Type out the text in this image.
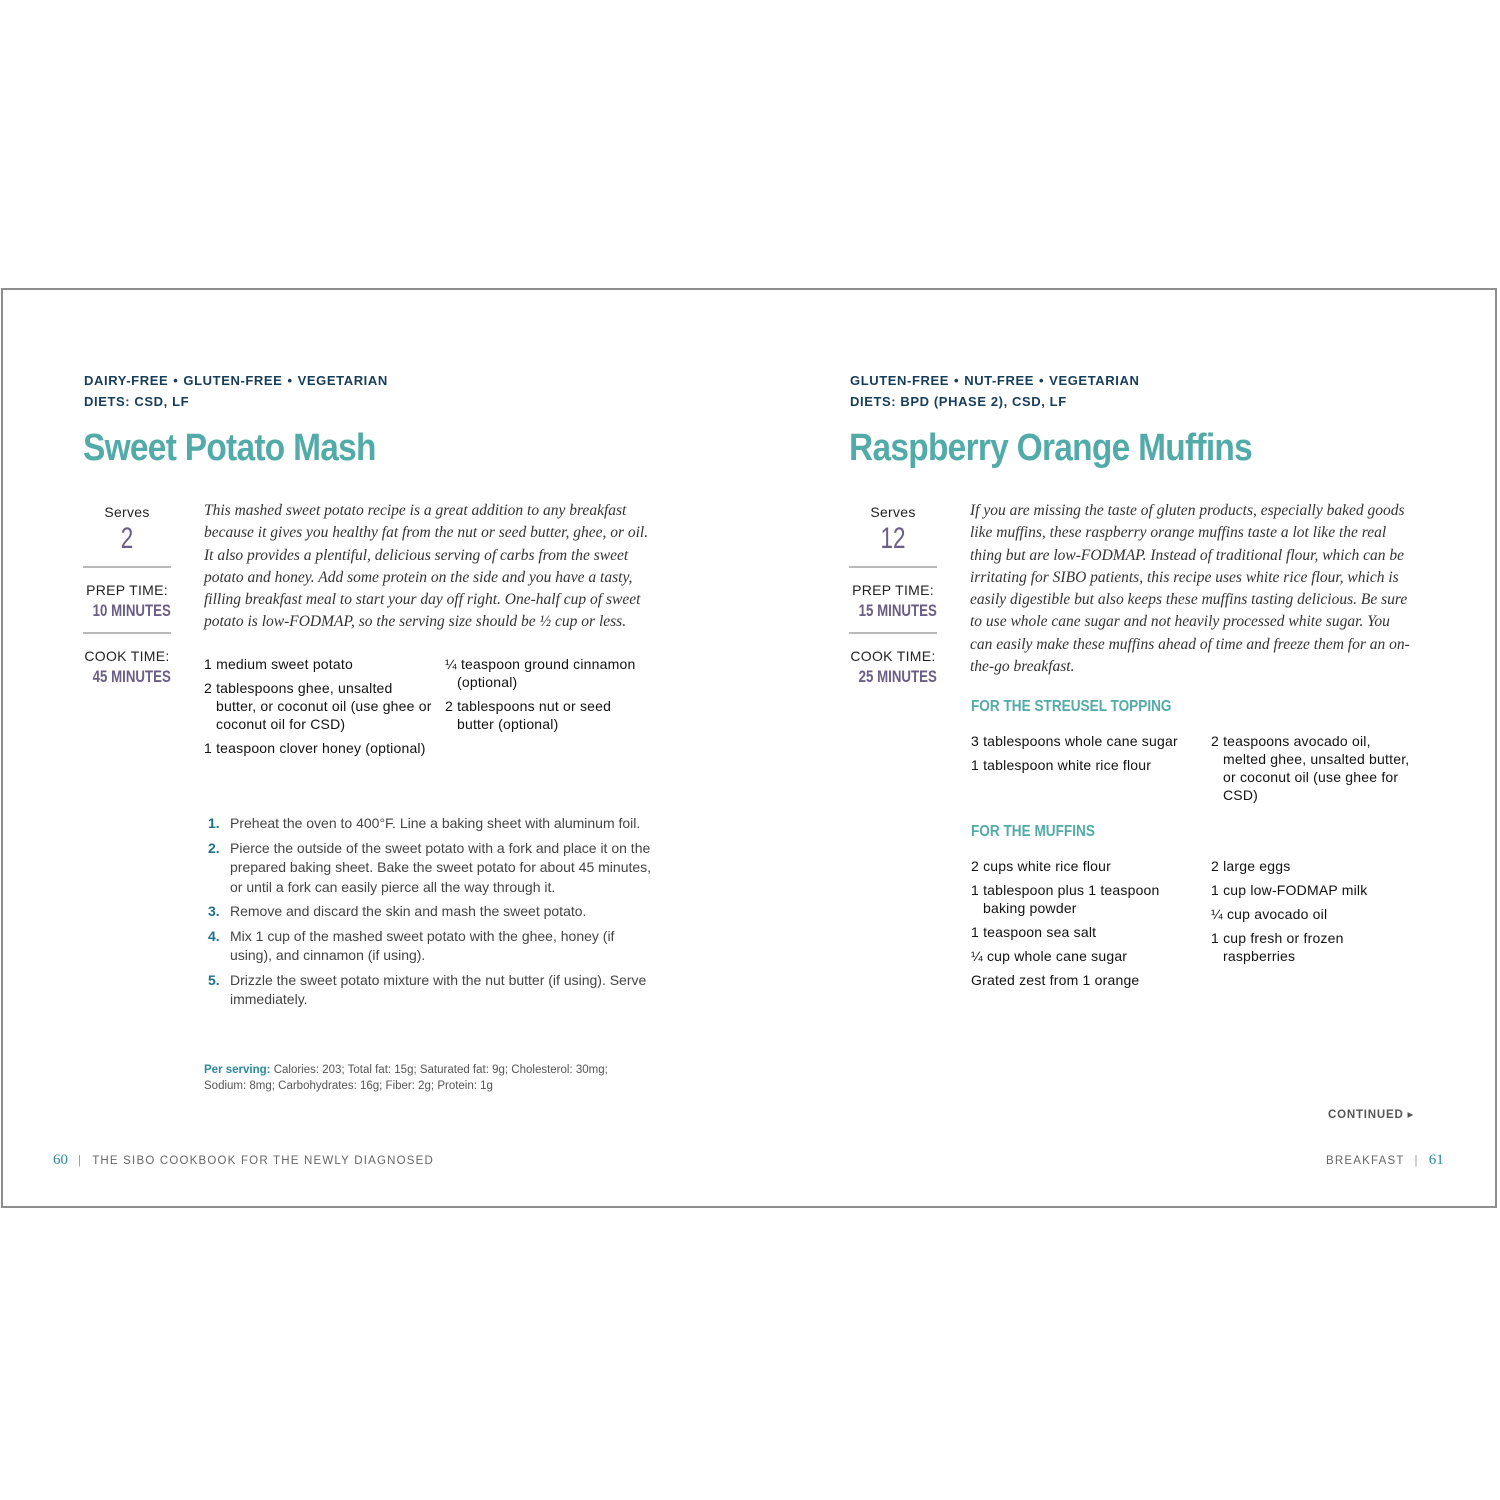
DAIRY-FREE • GLUTEN-FREE • VEGETARIAN
DIETS: CSD, LF
Sweet Potato Mash
Serves
2
PREP TIME:
10 MINUTES
COOK TIME:
45 MINUTES
This mashed sweet potato recipe is a great addition to any breakfast because it gives you healthy fat from the nut or seed butter, ghee, or oil. It also provides a plentiful, delicious serving of carbs from the sweet potato and honey. Add some protein on the side and you have a tasty, filling breakfast meal to start your day off right. One-half cup of sweet potato is low-FODMAP, so the serving size should be ½ cup or less.
1 medium sweet potato
2 tablespoons ghee, unsalted butter, or coconut oil (use ghee or coconut oil for CSD)
1 teaspoon clover honey (optional)
¼ teaspoon ground cinnamon (optional)
2 tablespoons nut or seed butter (optional)
1. Preheat the oven to 400°F. Line a baking sheet with aluminum foil.
2. Pierce the outside of the sweet potato with a fork and place it on the prepared baking sheet. Bake the sweet potato for about 45 minutes, or until a fork can easily pierce all the way through it.
3. Remove and discard the skin and mash the sweet potato.
4. Mix 1 cup of the mashed sweet potato with the ghee, honey (if using), and cinnamon (if using).
5. Drizzle the sweet potato mixture with the nut butter (if using). Serve immediately.
Per serving: Calories: 203; Total fat: 15g; Saturated fat: 9g; Cholesterol: 30mg; Sodium: 8mg; Carbohydrates: 16g; Fiber: 2g; Protein: 1g
60 | THE SIBO COOKBOOK FOR THE NEWLY DIAGNOSED
GLUTEN-FREE • NUT-FREE • VEGETARIAN
DIETS: BPD (PHASE 2), CSD, LF
Raspberry Orange Muffins
Serves
12
PREP TIME:
15 MINUTES
COOK TIME:
25 MINUTES
If you are missing the taste of gluten products, especially baked goods like muffins, these raspberry orange muffins taste a lot like the real thing but are low-FODMAP. Instead of traditional flour, which can be irritating for SIBO patients, this recipe uses white rice flour, which is easily digestible but also keeps these muffins tasting delicious. Be sure to use whole cane sugar and not heavily processed white sugar. You can easily make these muffins ahead of time and freeze them for an on-the-go breakfast.
FOR THE STREUSEL TOPPING
3 tablespoons whole cane sugar
1 tablespoon white rice flour
2 teaspoons avocado oil, melted ghee, unsalted butter, or coconut oil (use ghee for CSD)
FOR THE MUFFINS
2 cups white rice flour
1 tablespoon plus 1 teaspoon baking powder
1 teaspoon sea salt
¼ cup whole cane sugar
Grated zest from 1 orange
2 large eggs
1 cup low-FODMAP milk
¼ cup avocado oil
1 cup fresh or frozen raspberries
CONTINUED ▸
BREAKFAST | 61
